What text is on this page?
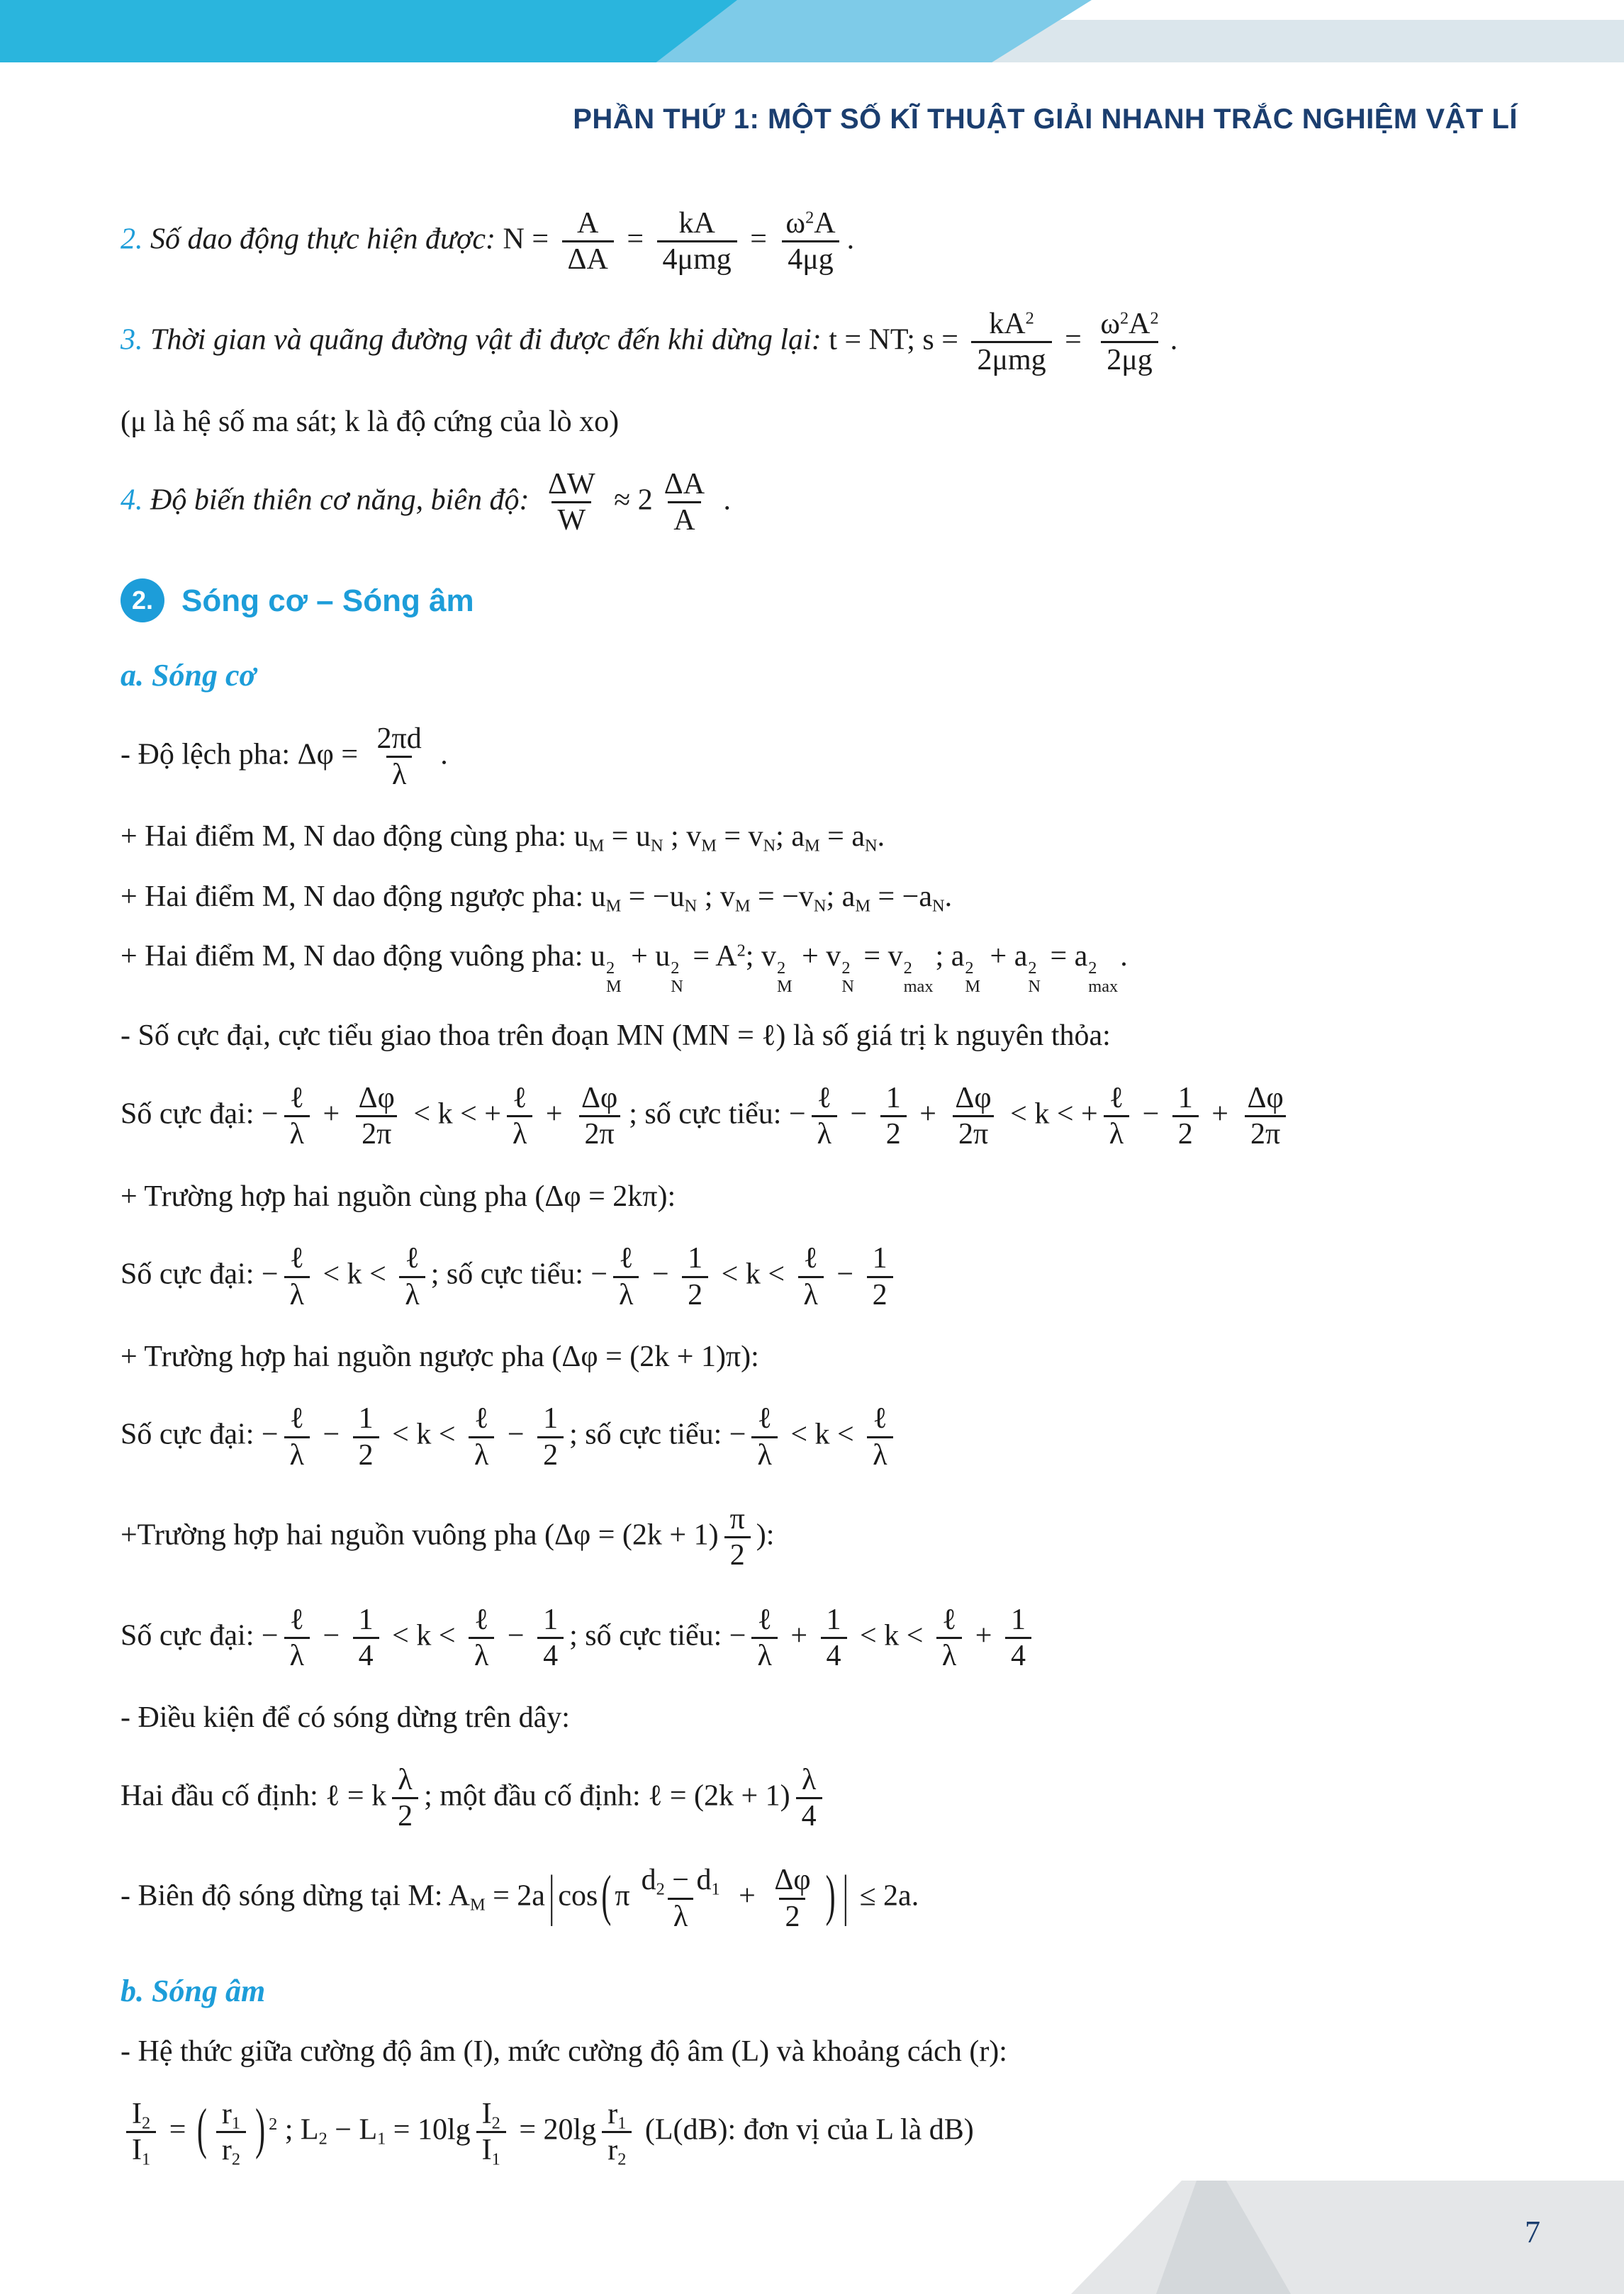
PHẦN THỨ 1: MỘT SỐ KĨ THUẬT GIẢI NHANH TRẮC NGHIỆM VẬT LÍ
2. Số dao động thực hiện được: $N = \frac{A}{\Delta A} = \frac{kA}{\text{4μmg}} = \frac{\omega^2A}{4\mu g}$ .
3. Thời gian và quãng đường vật đi được đến khi dừng lại: t = NT; $s = \frac{kA^2}{\text{2μmg}} = \frac{\omega^2A^2}{2\mu g}$ .
(μ là hệ số ma sát; k là độ cứng của lò xo)
4. Độ biến thiên cơ năng, biên độ: $\frac{\Delta W}{W} \approx 2 \frac{\Delta A}{A}$ .
2. Sóng cơ – Sóng âm
a. Sóng cơ
- Độ lệch pha: $\Delta\varphi = \frac{2\pi d}{\lambda}$ .
+ Hai điểm M, N dao động cùng pha: $u_M = u_N$ ; $v_M = v_N$; $a_M = a_N$.
+ Hai điểm M, N dao động ngược pha: $u_M = -u_N$ ; $v_M = -v_N$; $a_M = -a_N$.
+ Hai điểm M, N dao động vuông pha: u 2
M
+ u 2
N
= $A^2$; v 2
M
+ v 2
N
= v 2
max
; a 2
M
+ a 2
N
= a 2
max
.
- Số cực đại, cực tiểu giao thoa trên đoạn MN (MN = ℓ) là số giá trị k nguyên thỏa:
Số cực đại: − $\frac{\text{ℓ}}{\lambda} + \frac{\Delta\varphi}{2\pi} < k$ < + $\frac{\text{ℓ}}{\lambda} + \frac{\Delta\varphi}{2\pi}$ ; số cực tiểu: − $\frac{\text{ℓ}}{\lambda} - \frac{1}{2} + \frac{\Delta\varphi}{2\pi} < k$ < + $\frac{\text{ℓ}}{\lambda} - \frac{1}{2} + \frac{\Delta\varphi}{2\pi}$
+ Trường hợp hai nguồn cùng pha (Δφ = 2kπ):
Số cực đại: − $\frac{\text{ℓ}}{\lambda} < k < \frac{\text{ℓ}}{\lambda}$ ; số cực tiểu: − $\frac{\text{ℓ}}{\lambda} - \frac{1}{2} < k < \frac{\text{ℓ}}{\lambda} - \frac{1}{2}$
+ Trường hợp hai nguồn ngược pha (Δφ = (2k + 1)π):
Số cực đại: − $\frac{\text{ℓ}}{\lambda} - \frac{1}{2} < k < \frac{\text{ℓ}}{\lambda} - \frac{1}{2}$ ; số cực tiểu: − $\frac{\text{ℓ}}{\lambda} < k < \frac{\text{ℓ}}{\lambda}$
+Trường hợp hai nguồn vuông pha ($\Delta\varphi = (2k + 1) \frac{\pi}{2}$ ):
Số cực đại: − $\frac{\text{ℓ}}{\lambda} - \frac{1}{4} < k < \frac{\text{ℓ}}{\lambda} - \frac{1}{4}$ ; số cực tiểu: − $\frac{\text{ℓ}}{\lambda} + \frac{1}{4} < k < \frac{\text{ℓ}}{\lambda} + \frac{1}{4}$
- Điều kiện để có sóng dừng trên dây:
Hai đầu cố định: ℓ = k $\frac{\lambda}{2}$ ; một đầu cố định: ℓ = $(2k + 1) \frac{\lambda}{4}$
- Biên độ sóng dừng tại M: $A_M = 2a$ | cos ( π $\frac{d_2 - d_1}{\lambda} + \frac{\Delta\varphi}{2}$ ) | ≤ 2a.
b. Sóng âm
- Hệ thức giữa cường độ âm (I), mức cường độ âm (L) và khoảng cách (r):
$\frac{I_2}{I_1}$ = ( $\frac{r_1}{r_2}$ ) $^2$ ; $L_2 - L_1 = 10\lg \frac{I_2}{I_1} = 20\lg \frac{r_1}{r_2} (L(dB)$: đơn vị của L là dB)
7
